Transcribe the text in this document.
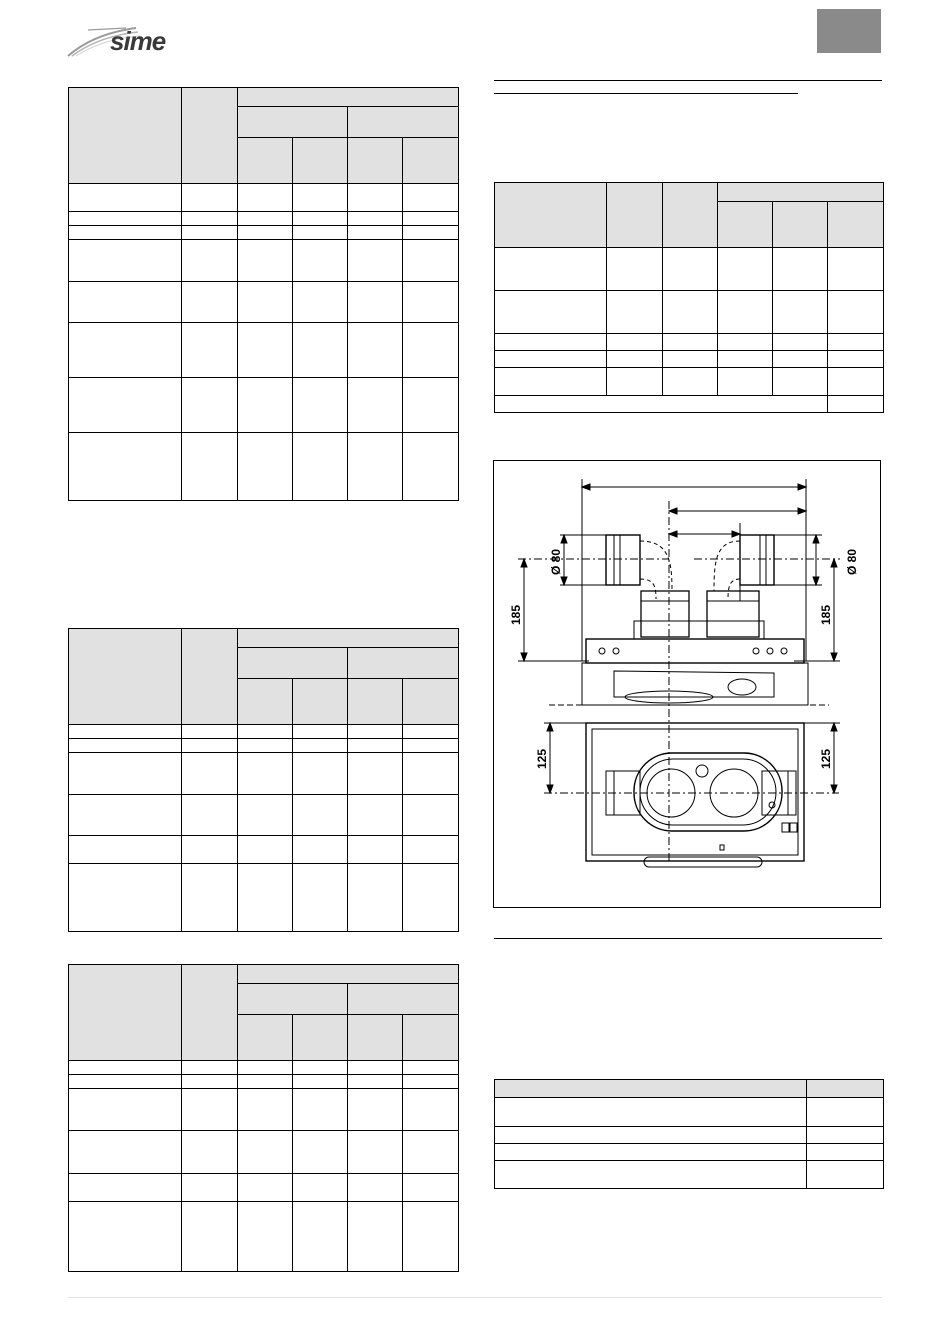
sime

185	185
Ø 80	Ø 80
125	125
